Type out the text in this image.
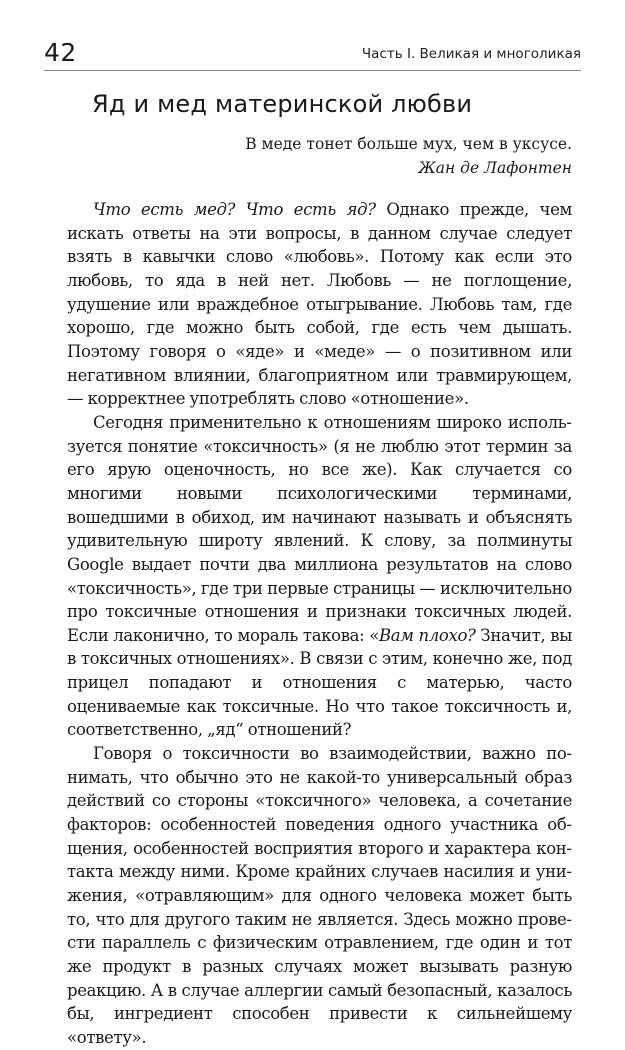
42	Часть I. Великая и многоликая
Яд и мед материнской любви
В меде тонет больше мух, чем в уксусе.
Жан де Лафонтен

Что есть мед? Что есть яд? Однако прежде, чем искать ответы на эти вопросы, в данном случае следует взять в кавычки слово «любовь». Потому как если это любовь, то яда в ней нет. Любовь — не поглощение, удушение или враждебное отыгрывание. Любовь там, где хорошо, где можно быть собой, где есть чем дышать. Поэтому говоря о «яде» и «меде» — о позитивном или негативном влиянии, благоприятном или травмирующем, — корректнее употреблять слово «отношение».

Сегодня применительно к отношениям широко используется понятие «токсичность» (я не люблю этот термин за его ярую оценочность, но все же). Как случается со многими новыми психологическими терминами, вошедшими в обиход, им начинают называть и объяснять удивительную широту явлений. К слову, за полминуты Google выдает почти два миллиона результатов на слово «токсичность», где три первые страницы — исключительно про токсичные отношения и признаки токсичных людей. Если лаконично, то мораль такова: «Вам плохо? Значит, вы в токсичных отношениях». В связи с этим, конечно же, под прицел попадают и отношения с матерью, часто оцениваемые как токсичные. Но что такое токсичность и, соответственно, „яд“ отношений?

Говоря о токсичности во взаимодействии, важно понимать, что обычно это не какой-то универсальный образ действий со стороны «токсичного» человека, а сочетание факторов: особенностей поведения одного участника общения, особенностей восприятия второго и характера контакта между ними. Кроме крайних случаев насилия и унижения, «отравляющим» для одного человека может быть то, что для другого таким не является. Здесь можно провести параллель с физическим отравлением, где один и тот же продукт в разных случаях может вызывать разную реакцию. А в случае аллергии самый безопасный, казалось бы, ингредиент способен привести к сильнейшему «ответу».
